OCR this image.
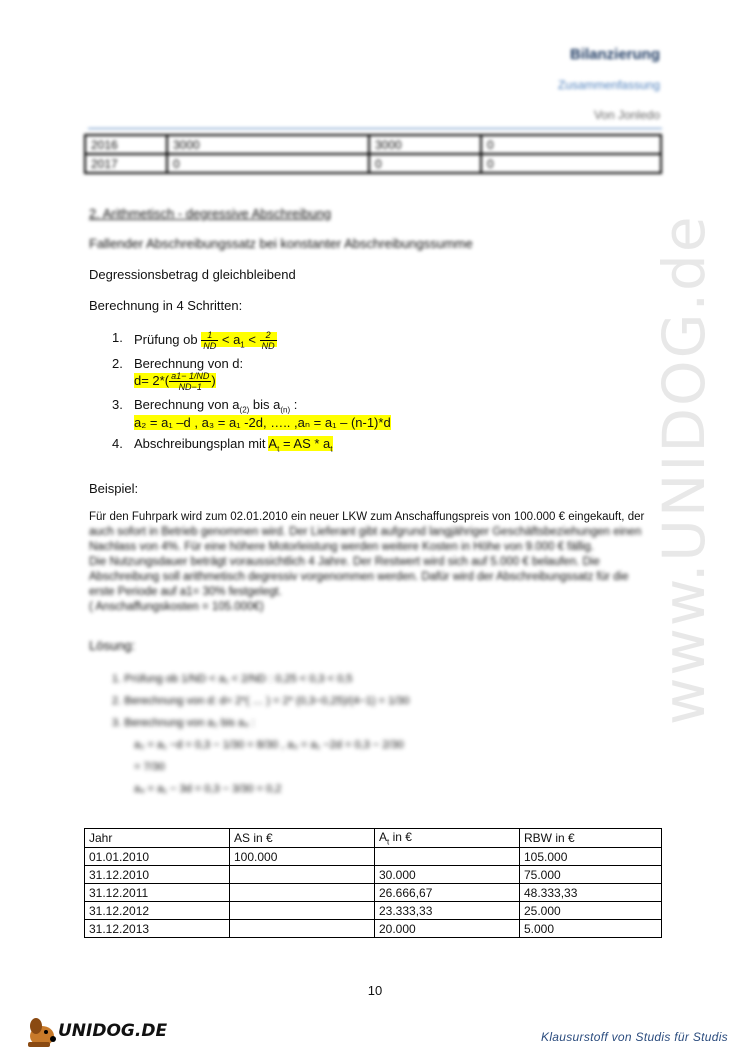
www.UNIDOG.de
Bilanzierung
Zusammenfassung
Von Jonledo
2016	3000	3000	0
2017	0	0	0
2. Arithmetisch - degressive Abschreibung
Fallender Abschreibungssatz bei konstanter Abschreibungssumme
Degressionsbetrag d gleichbleibend
Berechnung in 4 Schritten:
1. Prüfung ob $\frac{1}{ND} < a_1 < \frac{2}{ND}$
2. Berechnung von d:
$d= 2*( \frac{a1- 1/ND}{ND-1}$ )
3. Berechnung von $a_{(2)}$ bis $a_{(n)}$ :
a₂ = a₁ –d , a₃ = a₁ -2d, ….. ,aₙ = a₁ – (n-1)*d
4. Abschreibungsplan mit $A_t$ = AS * $a_t$
Beispiel:
Für den Fuhrpark wird zum 02.01.2010 ein neuer LKW zum Anschaffungspreis von 100.000 € eingekauft, der
auch sofort in Betrieb genommen wird. Der Lieferant gibt aufgrund langjähriger Geschäftsbeziehungen einen
Nachlass von 4%. Für eine höhere Motorleistung werden weitere Kosten in Höhe von 9.000 € fällig.
Die Nutzungsdauer beträgt voraussichtlich 4 Jahre. Der Restwert wird sich auf 5.000 € belaufen. Die
Abschreibung soll arithmetisch degressiv vorgenommen werden. Dafür wird der Abschreibungssatz für die
erste Periode auf a1= 30% festgelegt.
( Anschaffungskosten = 105.000€)
Lösung:
1. Prüfung ob 1/ND < a₁ < 2/ND : 0,25 < 0,3 < 0,5
2. Berechnung von d: d= 2*( … ) = 2* (0,3−0,25)/(4−1) = 1/30
3. Berechnung von a₂ bis a₄ :
a₂ = a₁ −d = 0,3 − 1/30 = 8/30 , a₃ = a₁ −2d = 0,3 − 2/30 = 7/30
a₄ = a₁ − 3d = 0,3 − 3/30 = 0,2
Jahr	AS in €	$A_t$ in €	RBW in €
01.01.2010	100.000		105.000
31.12.2010		30.000	75.000
31.12.2011		26.666,67	48.333,33
31.12.2012		23.333,33	25.000
31.12.2013		20.000	5.000
10
UNIDOG.DE	Klausurstoff von Studis für Studis
